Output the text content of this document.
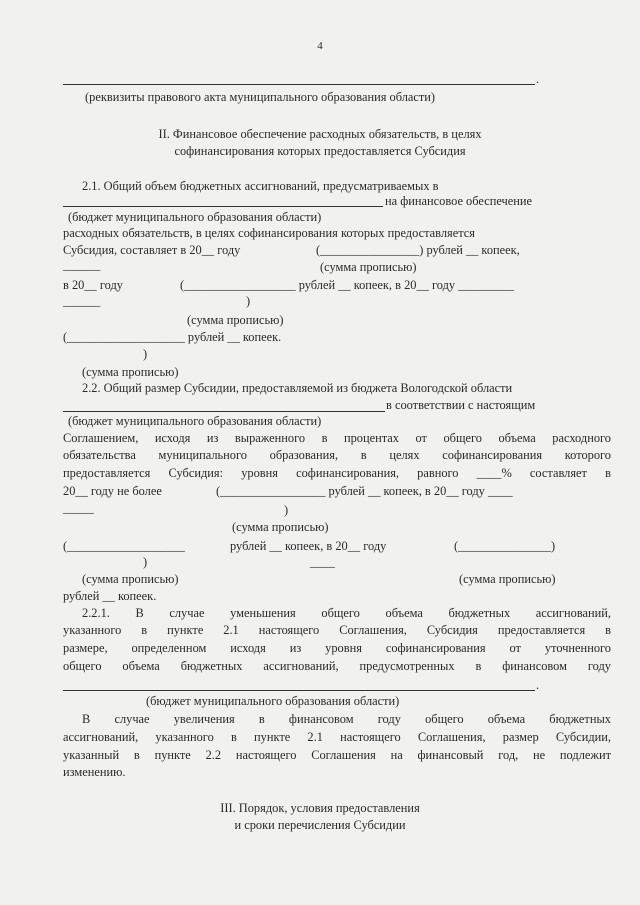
4
.
(реквизиты правового акта муниципального образования области)
II. Финансовое обеспечение расходных обязательств, в целях
софинансирования которых предоставляется Субсидия
2.1. Общий объем бюджетных ассигнований, предусматриваемых в
на финансовое обеспечение
(бюджет муниципального образования области)
расходных обязательств, в целях софинансирования которых предоставляется
Субсидия, составляет в 20__ году	(________________) рублей __ копеек,
______	(сумма прописью)
в 20__ году	(__________________ рублей __ копеек, в 20__ году _________
______	)
(сумма прописью)
(___________________ рублей __ копеек.
)
(сумма прописью)
2.2. Общий размер Субсидии, предоставляемой из бюджета Вологодской области
в соответствии с настоящим
(бюджет муниципального образования области)
Соглашением, исходя из выраженного в процентах от общего объема расходного
обязательства муниципального образования, в целях софинансирования которого
предоставляется Субсидия: уровня софинансирования, равного ____% составляет в
20__ году не более	(_________________ рублей __ копеек, в 20__ году ____
_____	)
(сумма прописью)
(___________________	рублей __ копеек, в 20__ году	(_______________)
)	____
(сумма прописью)	(сумма прописью)
рублей __ копеек.
2.2.1. В случае уменьшения общего объема бюджетных ассигнований,
указанного в пункте 2.1 настоящего Соглашения, Субсидия предоставляется в
размере, определенном исходя из уровня софинансирования от уточненного
общего объема бюджетных ассигнований, предусмотренных в финансовом году
.
(бюджет муниципального образования области)
В случае увеличения в финансовом году общего объема бюджетных
ассигнований, указанного в пункте 2.1 настоящего Соглашения, размер Субсидии,
указанный в пункте 2.2 настоящего Соглашения на финансовый год, не подлежит
изменению.
III. Порядок, условия предоставления
и сроки перечисления Субсидии
